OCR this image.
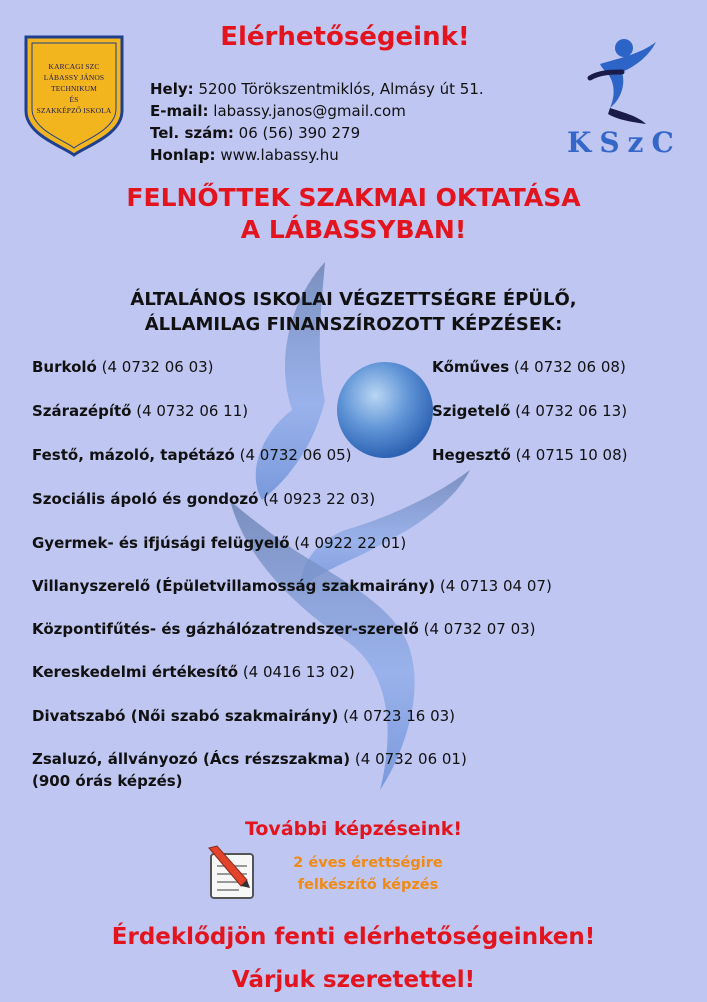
KARCAGI SZC
LÁBASSY JÁNOS
TECHNIKUM
ÉS
SZAKKÉPZŐ ISKOLA
Elérhetőségeink!
Hely: 5200 Törökszentmiklós, Almásy út 51.
E-mail: labassy.janos@gmail.com
Tel. szám: 06 (56) 390 279
Honlap: www.labassy.hu	KSzC
FELNŐTTEK SZAKMAI OKTATÁSA
A LÁBASSYBAN!
ÁLTALÁNOS ISKOLAI VÉGZETTSÉGRE ÉPÜLŐ,
ÁLLAMILAG FINANSZÍROZOTT KÉPZÉSEK:
Burkoló (4 0732 06 03)	Kőműves (4 0732 06 08)
Szárazépítő (4 0732 06 11)	Szigetelő (4 0732 06 13)
Festő, mázoló, tapétázó (4 0732 06 05)	Hegesztő (4 0715 10 08)
Szociális ápoló és gondozó (4 0923 22 03)
Gyermek- és ifjúsági felügyelő (4 0922 22 01)
Villanyszerelő (Épületvillamosság szakmairány) (4 0713 04 07)
Központifűtés- és gázhálózatrendszer-szerelő (4 0732 07 03)
Kereskedelmi értékesítő (4 0416 13 02)
Divatszabó (Női szabó szakmairány) (4 0723 16 03)
Zsaluzó, állványozó (Ács részszakma) (4 0732 06 01)
(900 órás képzés)
További képzéseink!
2 éves érettségire
felkészítő képzés
Érdeklődjön fenti elérhetőségeinken!
Várjuk szeretettel!
